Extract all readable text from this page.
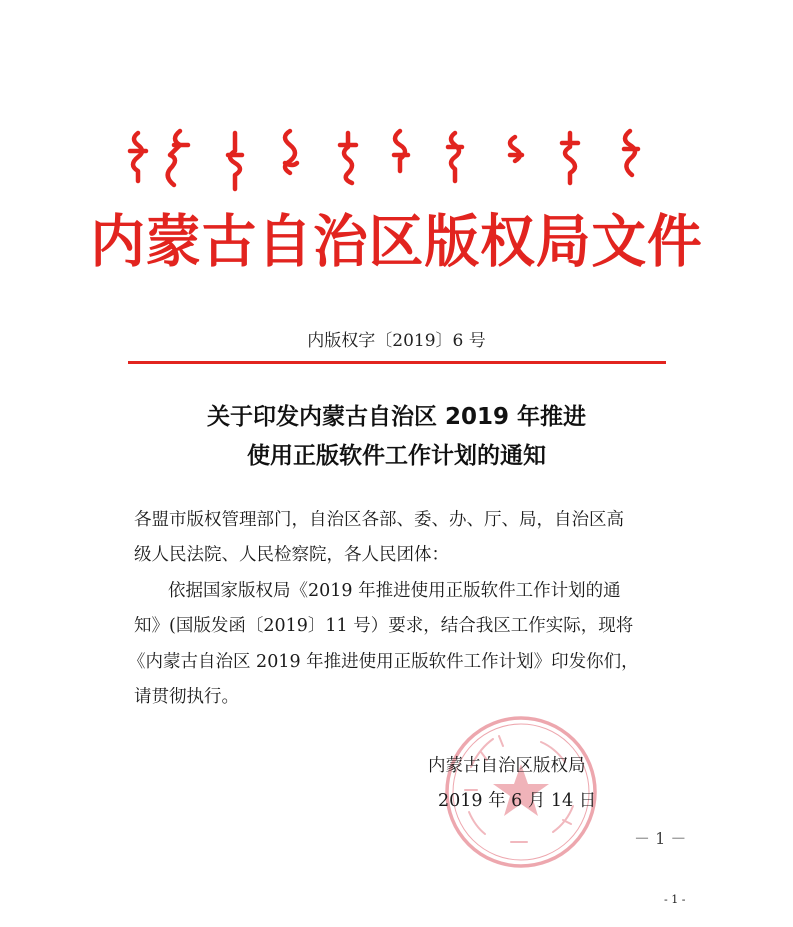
内蒙古自治区版权局文件
内版权字〔2019〕6 号
关于印发内蒙古自治区 2019 年推进
使用正版软件工作计划的通知
各盟市版权管理部门，自治区各部、委、办、厅、局，自治区高
级人民法院、人民检察院，各人民团体：
依据国家版权局《2019 年推进使用正版软件工作计划的通
知》(国版发函〔2019〕11 号）要求，结合我区工作实际，现将
《内蒙古自治区 2019 年推进使用正版软件工作计划》印发你们，
请贯彻执行。
内蒙古自治区版权局
2019 年 6 月 14 日
－ 1 －
- 1 -
